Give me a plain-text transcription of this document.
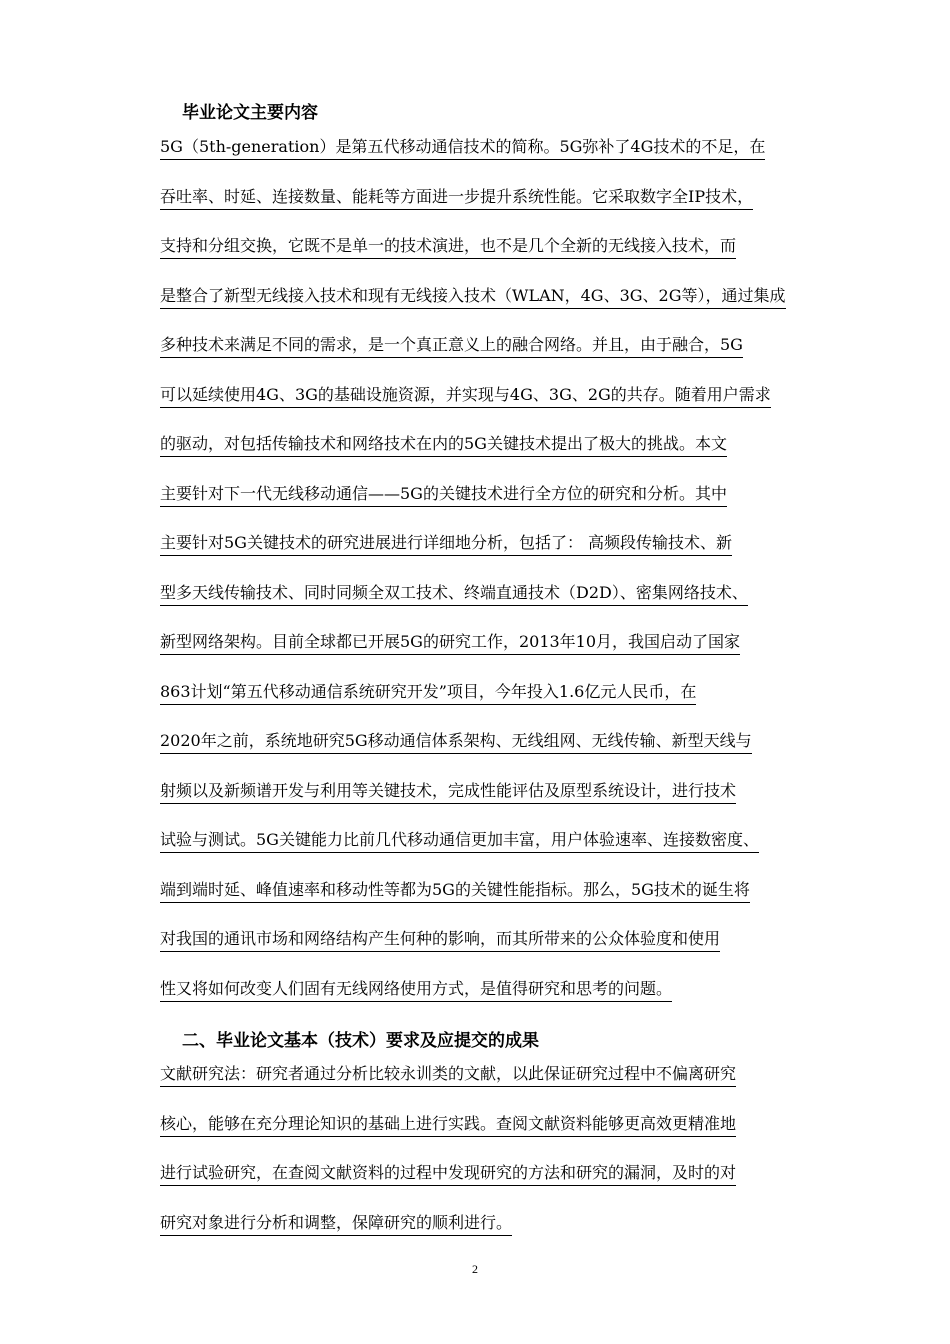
毕业论文主要内容
5G（5th-generation）是第五代移动通信技术的简称。5G弥补了4G技术的不足，在
吞吐率、时延、连接数量、能耗等方面进一步提升系统性能。它采取数字全IP技术，
支持和分组交换，它既不是单一的技术演进，也不是几个全新的无线接入技术，而
是整合了新型无线接入技术和现有无线接入技术（WLAN，4G、3G、2G等），通过集成
多种技术来满足不同的需求，是一个真正意义上的融合网络。并且，由于融合，5G
可以延续使用4G、3G的基础设施资源，并实现与4G、3G、2G的共存。随着用户需求
的驱动，对包括传输技术和网络技术在内的5G关键技术提出了极大的挑战。本文
主要针对下一代无线移动通信——5G的关键技术进行全方位的研究和分析。其中
主要针对5G关键技术的研究进展进行详细地分析，包括了： 高频段传输技术、新
型多天线传输技术、同时同频全双工技术、终端直通技术（D2D）、密集网络技术、
新型网络架构。目前全球都已开展5G的研究工作，2013年10月，我国启动了国家
863计划“第五代移动通信系统研究开发”项目，今年投入1.6亿元人民币，在
2020年之前，系统地研究5G移动通信体系架构、无线组网、无线传输、新型天线与
射频以及新频谱开发与利用等关键技术，完成性能评估及原型系统设计，进行技术
试验与测试。5G关键能力比前几代移动通信更加丰富，用户体验速率、连接数密度、
端到端时延、峰值速率和移动性等都为5G的关键性能指标。那么，5G技术的诞生将
对我国的通讯市场和网络结构产生何种的影响，而其所带来的公众体验度和使用
性又将如何改变人们固有无线网络使用方式，是值得研究和思考的问题。
二、毕业论文基本（技术）要求及应提交的成果
文献研究法：研究者通过分析比较永训类的文献，以此保证研究过程中不偏离研究
核心，能够在充分理论知识的基础上进行实践。查阅文献资料能够更高效更精准地
进行试验研究，在查阅文献资料的过程中发现研究的方法和研究的漏洞，及时的对
研究对象进行分析和调整，保障研究的顺利进行。
2
